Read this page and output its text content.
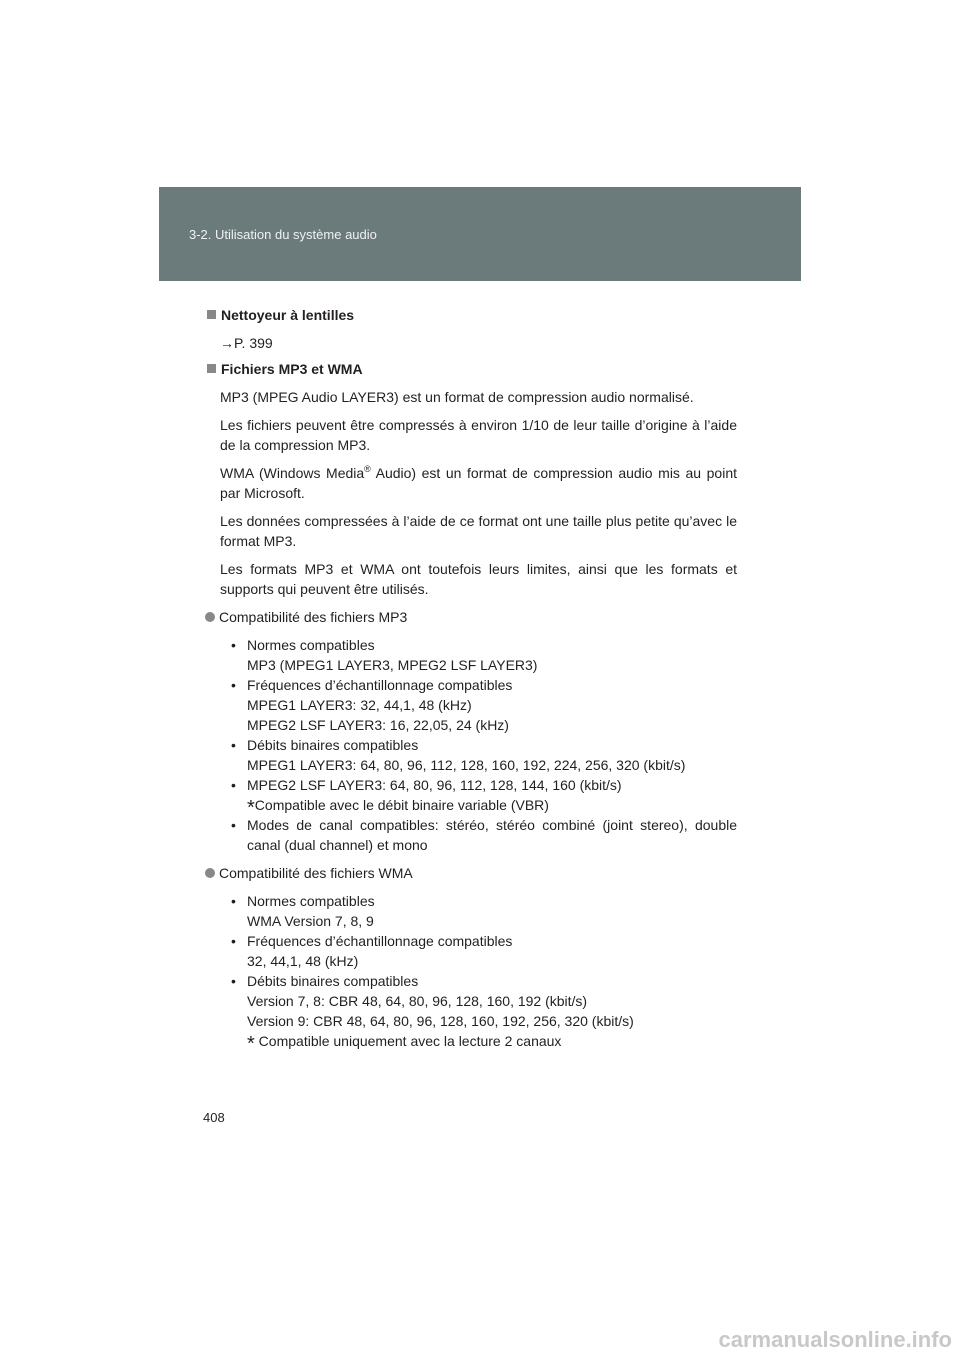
3-2. Utilisation du système audio
Nettoyeur à lentilles
→P. 399
Fichiers MP3 et WMA
MP3 (MPEG Audio LAYER3) est un format de compression audio normalisé.
Les fichiers peuvent être compressés à environ 1/10 de leur taille d’origine à l’aide de la compression MP3.
WMA (Windows Media® Audio) est un format de compression audio mis au point par Microsoft.
Les données compressées à l’aide de ce format ont une taille plus petite qu’avec le format MP3.
Les formats MP3 et WMA ont toutefois leurs limites, ainsi que les formats et supports qui peuvent être utilisés.
Compatibilité des fichiers MP3
• Normes compatibles
MP3 (MPEG1 LAYER3, MPEG2 LSF LAYER3)
• Fréquences d’échantillonnage compatibles
MPEG1 LAYER3: 32, 44,1, 48 (kHz)
MPEG2 LSF LAYER3: 16, 22,05, 24 (kHz)
• Débits binaires compatibles
MPEG1 LAYER3: 64, 80, 96, 112, 128, 160, 192, 224, 256, 320 (kbit/s)
• MPEG2 LSF LAYER3: 64, 80, 96, 112, 128, 144, 160 (kbit/s)
*Compatible avec le débit binaire variable (VBR)
• Modes de canal compatibles: stéréo, stéréo combiné (joint stereo), double canal (dual channel) et mono
Compatibilité des fichiers WMA
• Normes compatibles
WMA Version 7, 8, 9
• Fréquences d’échantillonnage compatibles
32, 44,1, 48 (kHz)
• Débits binaires compatibles
Version 7, 8: CBR 48, 64, 80, 96, 128, 160, 192 (kbit/s)
Version 9: CBR 48, 64, 80, 96, 128, 160, 192, 256, 320 (kbit/s)
* Compatible uniquement avec la lecture 2 canaux
408
carmanualsonline.info
